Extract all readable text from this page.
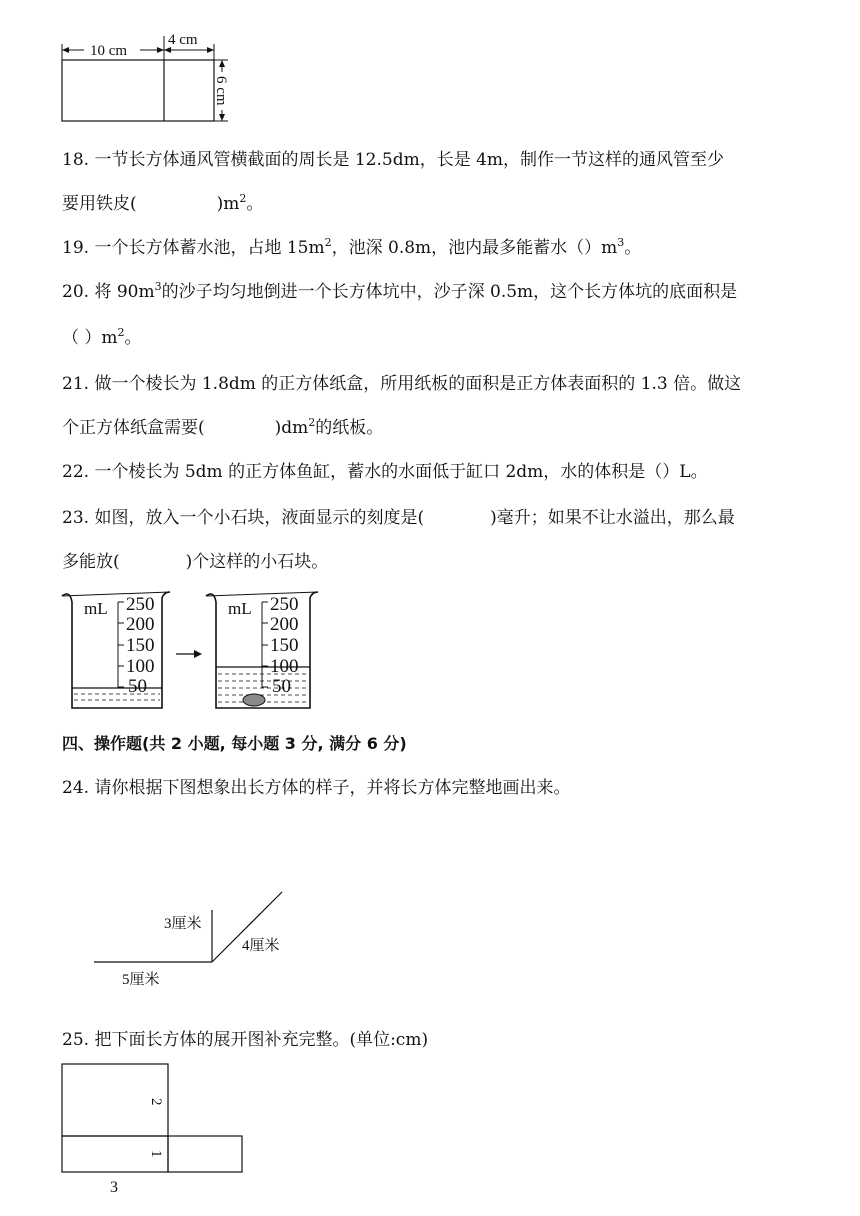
10 cm
4 cm
6 cm
18. 一节长方体通风管横截面的周长是 12.5dm，长是 4m，制作一节这样的通风管至少
要用铁皮(	)$m^2$。
19. 一个长方体蓄水池，占地 $15m^2$，池深 0.8m，池内最多能蓄水$()m^3$。
20. 将 $90m^3$的沙子均匀地倒进一个长方体坑中，沙子深 0.5m，这个长方体坑的底面积是
（ ）$m^2$。
21. 做一个棱长为 1.8dm 的正方体纸盒，所用纸板的面积是正方体表面积的 1.3 倍。做这
个正方体纸盒需要(	)$dm^2$的纸板。
22. 一个棱长为 5dm 的正方体鱼缸，蓄水的水面低于缸口 2dm，水的体积是（）L。
23. 如图，放入一个小石块，液面显示的刻度是(	)毫升；如果不让水溢出，那么最
多能放(	)个这样的小石块。
mL 250
200
150
100
50
mL 250
200
150
100
50
四、操作题(共 2 小题, 每小题 3 分, 满分 6 分)
24. 请你根据下图想象出长方体的样子，并将长方体完整地画出来。
3厘米
4厘米
5厘米
25. 把下面长方体的展开图补充完整。(单位:cm)
2
1
3
